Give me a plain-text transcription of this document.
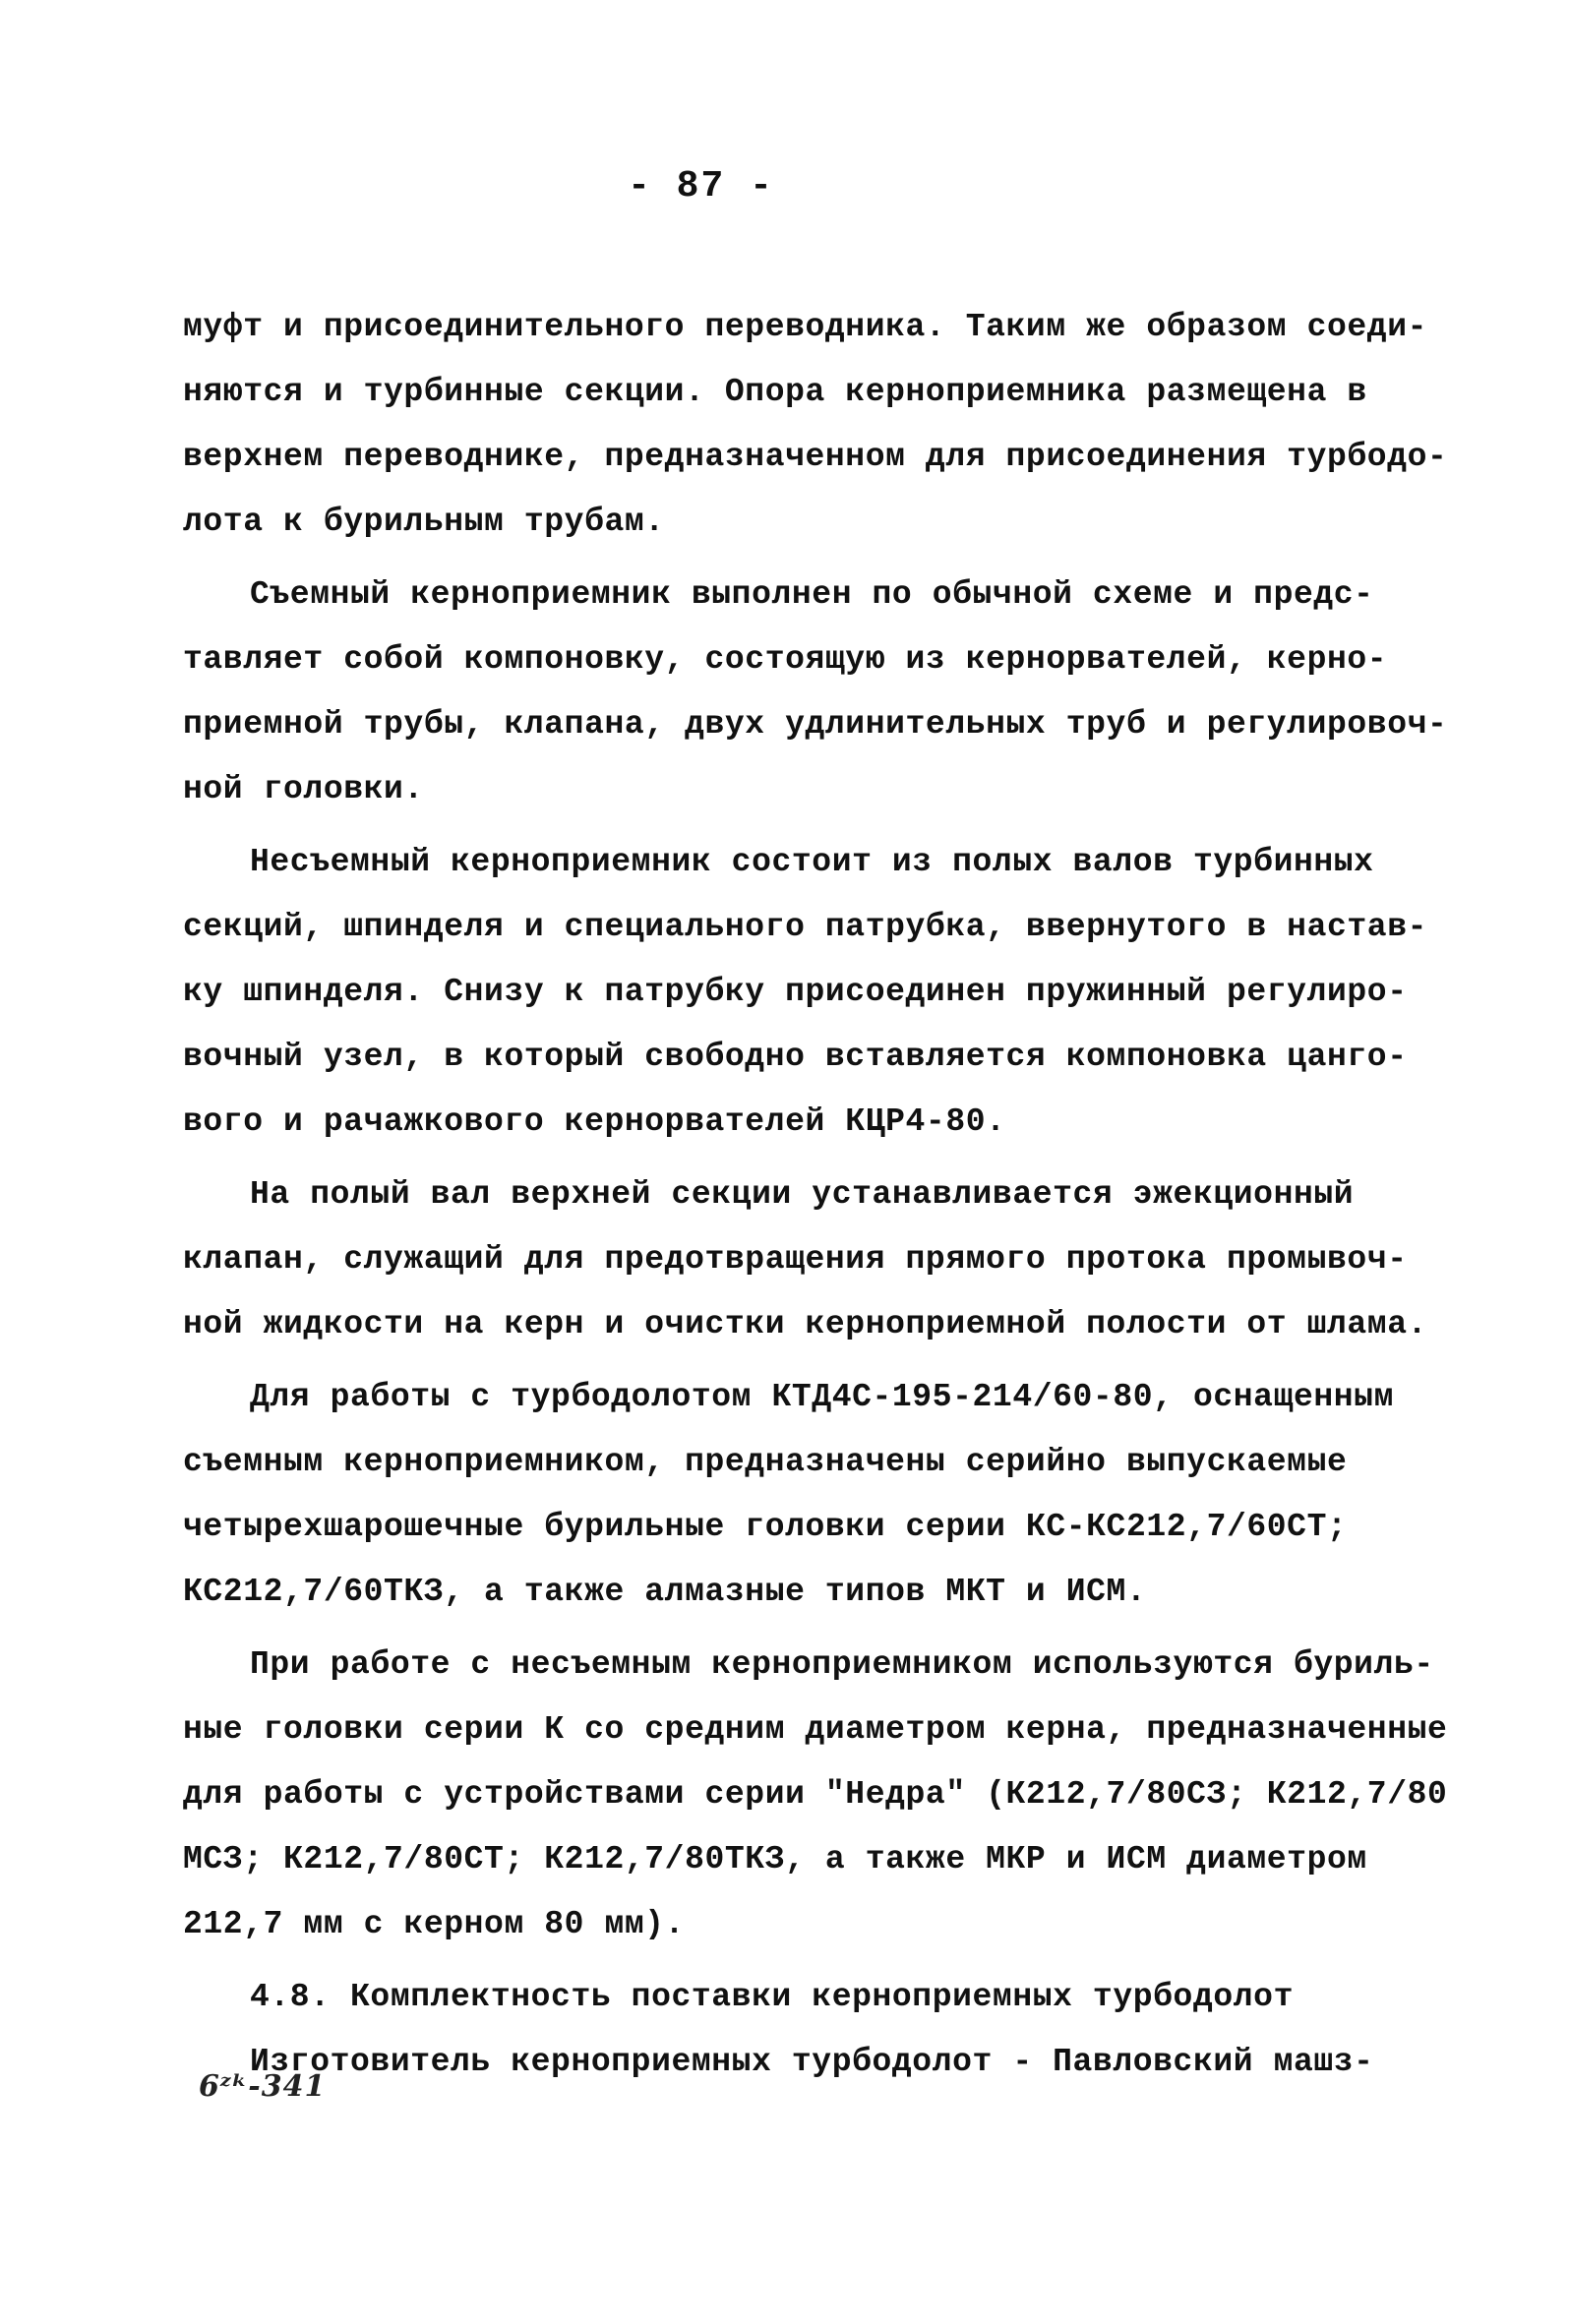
- 87 -
муфт и присоединительного переводника. Таким же образом соеди-
няются и турбинные секции. Опора керноприемника размещена в
верхнем переводнике, предназначенном для присоединения турбодо-
лота к бурильным трубам.
Съемный керноприемник выполнен по обычной схеме и предс-
тавляет собой компоновку, состоящую из кернорвателей, керно-
приемной трубы, клапана, двух удлинительных труб и регулировоч-
ной головки.
Несъемный керноприемник состоит из полых валов турбинных
секций, шпинделя и специального патрубка, ввернутого в настав-
ку шпинделя. Снизу к патрубку присоединен пружинный регулиро-
вочный узел, в который свободно вставляется компоновка цанго-
вого и рачажкового кернорвателей КЦР4-80.
На полый вал верхней секции устанавливается эжекционный
клапан, служащий для предотвращения прямого протока промывоч-
ной жидкости на керн и очистки керноприемной полости от шлама.
Для работы с турбодолотом КТД4С-195-214/60-80, оснащенным
съемным керноприемником, предназначены серийно выпускаемые
четырехшарошечные бурильные головки серии КС-КС212,7/60СТ;
КС212,7/60ТКЗ, а также алмазные типов МКТ и ИСМ.
При работе с несъемным керноприемником используются буриль-
ные головки серии К со средним диаметром керна, предназначенные
для работы с устройствами серии "Недра" (К212,7/80СЗ; К212,7/80
МСЗ; К212,7/80СТ; К212,7/80ТКЗ, а также МКР и ИСМ диаметром
212,7 мм с керном 80 мм).
4.8. Комплектность поставки керноприемных турбодолот
Изготовитель керноприемных турбодолот - Павловский машз-
6ᶻᵏ-341
